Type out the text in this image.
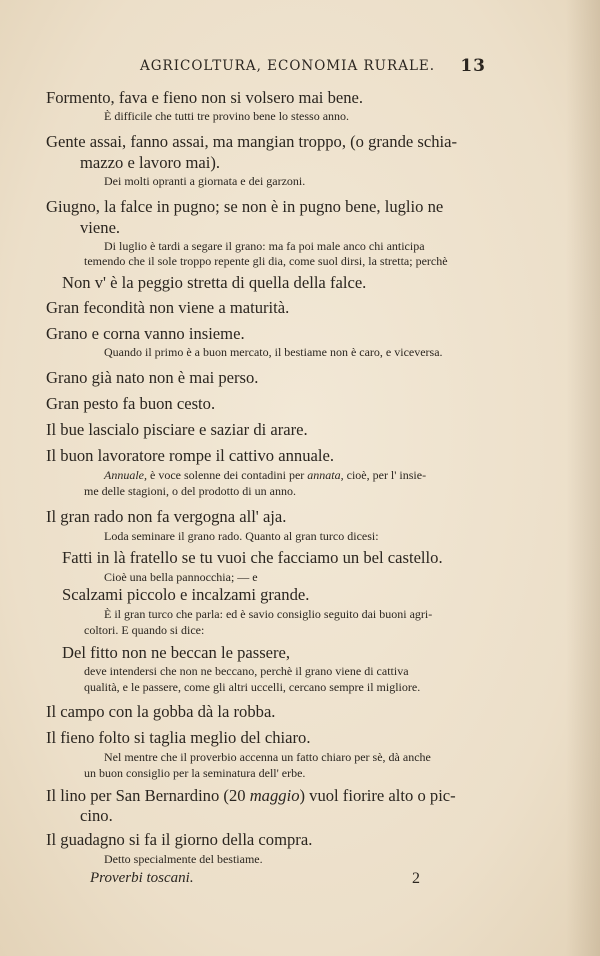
AGRICOLTURA, ECONOMIA RURALE. 13
Formento, fava e fieno non si volsero mai bene.
È difficile che tutti tre provino bene lo stesso anno.
Gente assai, fanno assai, ma mangian troppo, (o grande schia-
mazzo e lavoro mai).
Dei molti opranti a giornata e dei garzoni.
Giugno, la falce in pugno; se non è in pugno bene, luglio ne
viene.
Di luglio è tardi a segare il grano: ma fa poi male anco chi anticipa
temendo che il sole troppo repente gli dia, come suol dirsi, la stretta; perchè
Non v' è la peggio stretta di quella della falce.
Gran fecondità non viene a maturità.
Grano e corna vanno insieme.
Quando il primo è a buon mercato, il bestiame non è caro, e viceversa.
Grano già nato non è mai perso.
Gran pesto fa buon cesto.
Il bue lascialo pisciare e saziar di arare.
Il buon lavoratore rompe il cattivo annuale.
Annuale, è voce solenne dei contadini per annata, cioè, per l' insie-
me delle stagioni, o del prodotto di un anno.
Il gran rado non fa vergogna all' aja.
Loda seminare il grano rado. Quanto al gran turco dicesi:
Fatti in là fratello se tu vuoi che facciamo un bel castello.
Cioè una bella pannocchia; — e
Scalzami piccolo e incalzami grande.
È il gran turco che parla: ed è savio consiglio seguito dai buoni agri-
coltori. E quando si dice:
Del fitto non ne beccan le passere,
deve intendersi che non ne beccano, perchè il grano viene di cattiva
qualità, e le passere, come gli altri uccelli, cercano sempre il migliore.
Il campo con la gobba dà la robba.
Il fieno folto si taglia meglio del chiaro.
Nel mentre che il proverbio accenna un fatto chiaro per sè, dà anche
un buon consiglio per la seminatura dell' erbe.
Il lino per San Bernardino (20 maggio) vuol fiorire alto o pic-
cino.
Il guadagno si fa il giorno della compra.
Detto specialmente del bestiame.
Proverbi toscani.	2
